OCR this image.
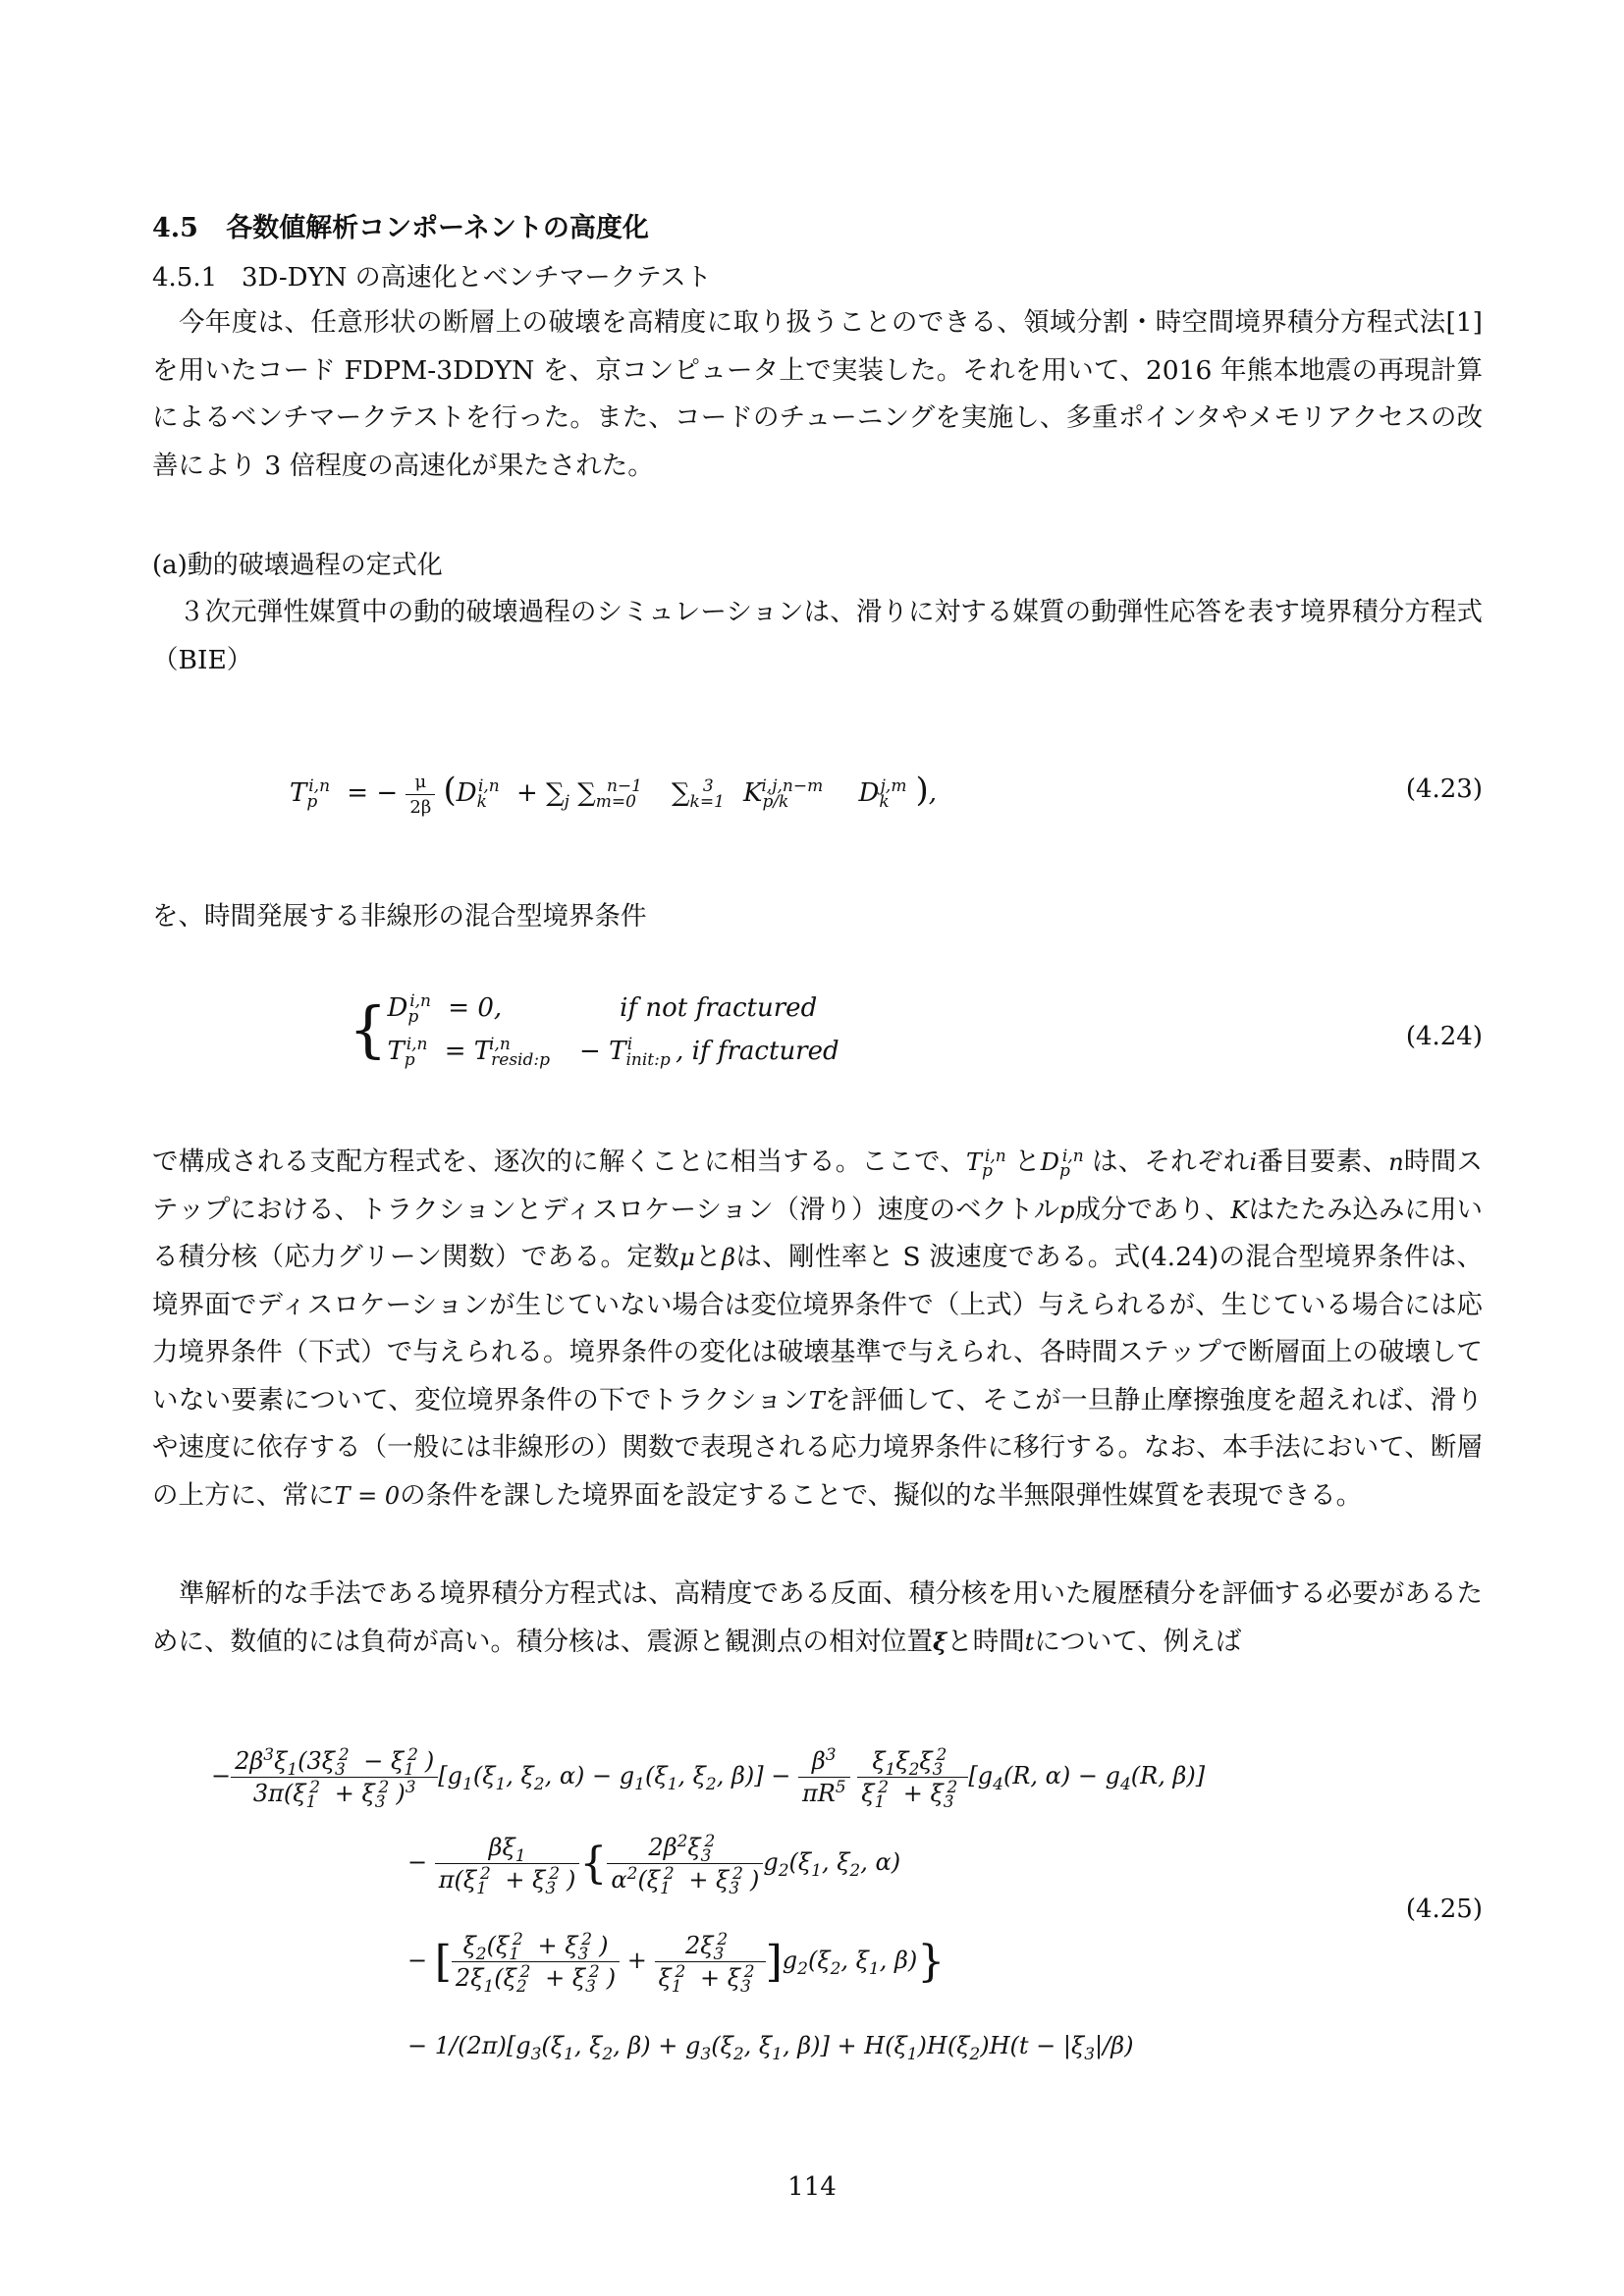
4.5 各数値解析コンポーネントの高度化
4.5.1 3D-DYN の高速化とベンチマークテスト

今年度は、任意形状の断層上の破壊を高精度に取り扱うことのできる、領域分割・時空間境界積分方程式法[1]を用いたコード FDPM-3DDYN を、京コンピュータ上で実装した。それを用いて、2016 年熊本地震の再現計算によるベンチマークテストを行った。また、コードのチューニングを実施し、多重ポインタやメモリアクセスの改善により 3 倍程度の高速化が果たされた。

(a)動的破壊過程の定式化

３次元弾性媒質中の動的破壊過程のシミュレーションは、滑りに対する媒質の動弾性応答を表す境界積分方程式（BIE）

$T_p^{i,n}$ = − $\frac{\mu}{2\beta} (D_k^{i,n} + \sum_j$ $\sum_{m=0}^{n-1}$ $\sum_{k=1}^3$ $K_{p/k}^{i,j,n-m}$ $D_k^{j,m}$ ),	(4.23)

を、時間発展する非線形の混合型境界条件

{ $D_p^{i,n} = 0$,	if not fractured
$T_p^{i,n} = T_{resid:p}^{i,n} - T_{init:p}^i$ , if fractured	(4.24)

で構成される支配方程式を、逐次的に解くことに相当する。ここで、$T_p^{i,n}$ と$D_p^{i,n}$ は、それぞれi番目要素、n時間ステップにおける、トラクションとディスロケーション（滑り）速度のベクトルp成分であり、Kはたたみ込みに用いる積分核（応力グリーン関数）である。定数μとβは、剛性率と S 波速度である。式(4.24)の混合型境界条件は、境界面でディスロケーションが生じていない場合は変位境界条件で（上式）与えられるが、生じている場合には応力境界条件（下式）で与えられる。境界条件の変化は破壊基準で与えられ、各時間ステップで断層面上の破壊していない要素について、変位境界条件の下でトラクションTを評価して、そこが一旦静止摩擦強度を超えれば、滑りや速度に依存する（一般には非線形の）関数で表現される応力境界条件に移行する。なお、本手法において、断層の上方に、常にT = 0の条件を課した境界面を設定することで、擬似的な半無限弾性媒質を表現できる。

準解析的な手法である境界積分方程式は、高精度である反面、積分核を用いた履歴積分を評価する必要があるために、数値的には負荷が高い。積分核は、震源と観測点の相対位置ξと時間tについて、例えば

− $\frac{2\beta^3\xi_1(3\xi_3^2 - \xi_1^2 )}{3\pi(\xi_1^2 + \xi_3^2 )^3} [g_1(\xi_1$, $\xi_2$, $\alpha) - g_1(\xi_1$, $\xi_2$, $\beta)] - \frac{\beta^3}{\pi R^5}$
$\frac{\xi_1\xi_2\xi_3^2}{\xi_1^2 + \xi_3^2} [g_4(R$, $\alpha) - g_4(R$, β)]
− $\frac{\beta\xi_1}{\pi(\xi_1^2 + \xi_3^2 )}$ { $\frac{2\beta^2\xi_3^2}{\alpha^2(\xi_1^2 + \xi_3^2 )} g_2(\xi_1$, $\xi_2$, α)
− [ $\frac{\xi_2(\xi_1^2 + \xi_3^2 )}{2\xi_1(\xi_2^2 + \xi_3^2 )} + \frac{2\xi_3^2}{\xi_1^2 + \xi_3^2} ]g_2(\xi_2$, $\xi_1$, β)}
− $1/(2\pi)[g_3(\xi_1$, $\xi_2$, $\beta) + g_3(\xi_2$, $\xi_1$, $\beta)] + H(\xi_1)H(\xi_2)H(t - |\xi_3|/\beta)$
(4.25)
114
